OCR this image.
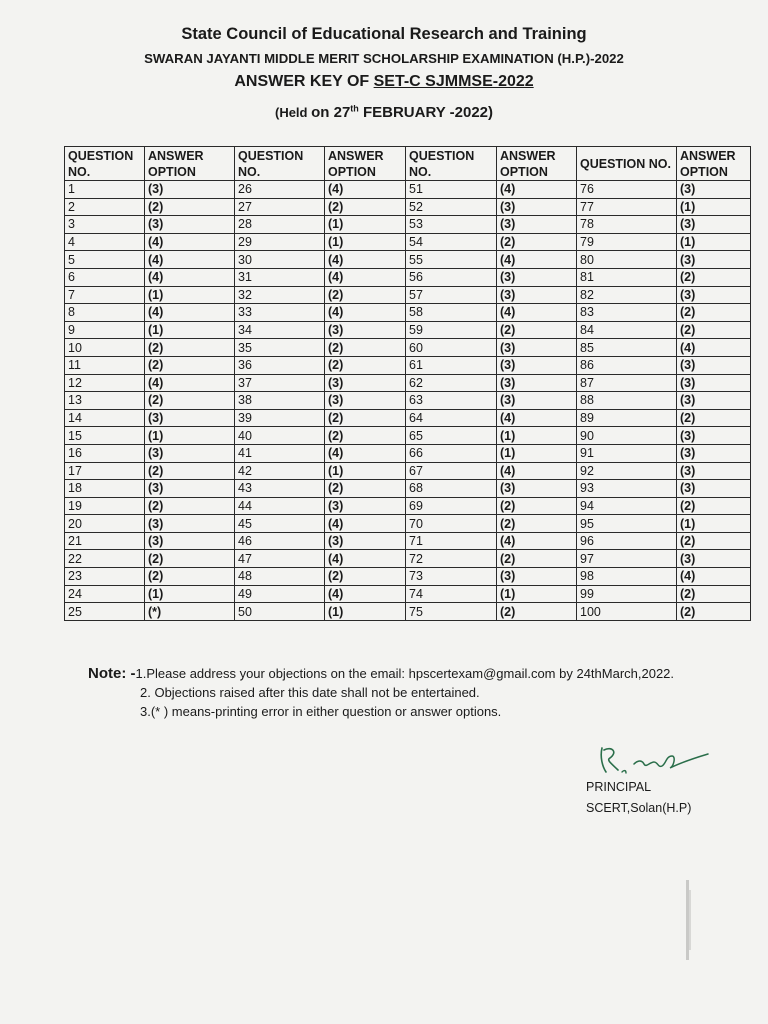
State Council of Educational Research and Training
SWARAN JAYANTI MIDDLE MERIT SCHOLARSHIP EXAMINATION (H.P.)-2022
ANSWER KEY OF SET-C SJMMSE-2022
(Held on 27th FEBRUARY -2022)
QUESTION NO.	ANSWER OPTION	QUESTION NO.	ANSWER OPTION	QUESTION NO.	ANSWER OPTION	QUESTION NO.	ANSWER OPTION
1	(3)	26	(4)	51	(4)	76	(3)
2	(2)	27	(2)	52	(3)	77	(1)
3	(3)	28	(1)	53	(3)	78	(3)
4	(4)	29	(1)	54	(2)	79	(1)
5	(4)	30	(4)	55	(4)	80	(3)
6	(4)	31	(4)	56	(3)	81	(2)
7	(1)	32	(2)	57	(3)	82	(3)
8	(4)	33	(4)	58	(4)	83	(2)
9	(1)	34	(3)	59	(2)	84	(2)
10	(2)	35	(2)	60	(3)	85	(4)
11	(2)	36	(2)	61	(3)	86	(3)
12	(4)	37	(3)	62	(3)	87	(3)
13	(2)	38	(3)	63	(3)	88	(3)
14	(3)	39	(2)	64	(4)	89	(2)
15	(1)	40	(2)	65	(1)	90	(3)
16	(3)	41	(4)	66	(1)	91	(3)
17	(2)	42	(1)	67	(4)	92	(3)
18	(3)	43	(2)	68	(3)	93	(3)
19	(2)	44	(3)	69	(2)	94	(2)
20	(3)	45	(4)	70	(2)	95	(1)
21	(3)	46	(3)	71	(4)	96	(2)
22	(2)	47	(4)	72	(2)	97	(3)
23	(2)	48	(2)	73	(3)	98	(4)
24	(1)	49	(4)	74	(1)	99	(2)
25	(*)	50	(1)	75	(2)	100	(2)
Note: -1.Please address your objections on the email: hpscertexam@gmail.com by 24thMarch,2022.
2. Objections raised after this date shall not be entertained.
3.(* ) means-printing error in either question or answer options.
PRINCIPAL
SCERT,Solan(H.P)
